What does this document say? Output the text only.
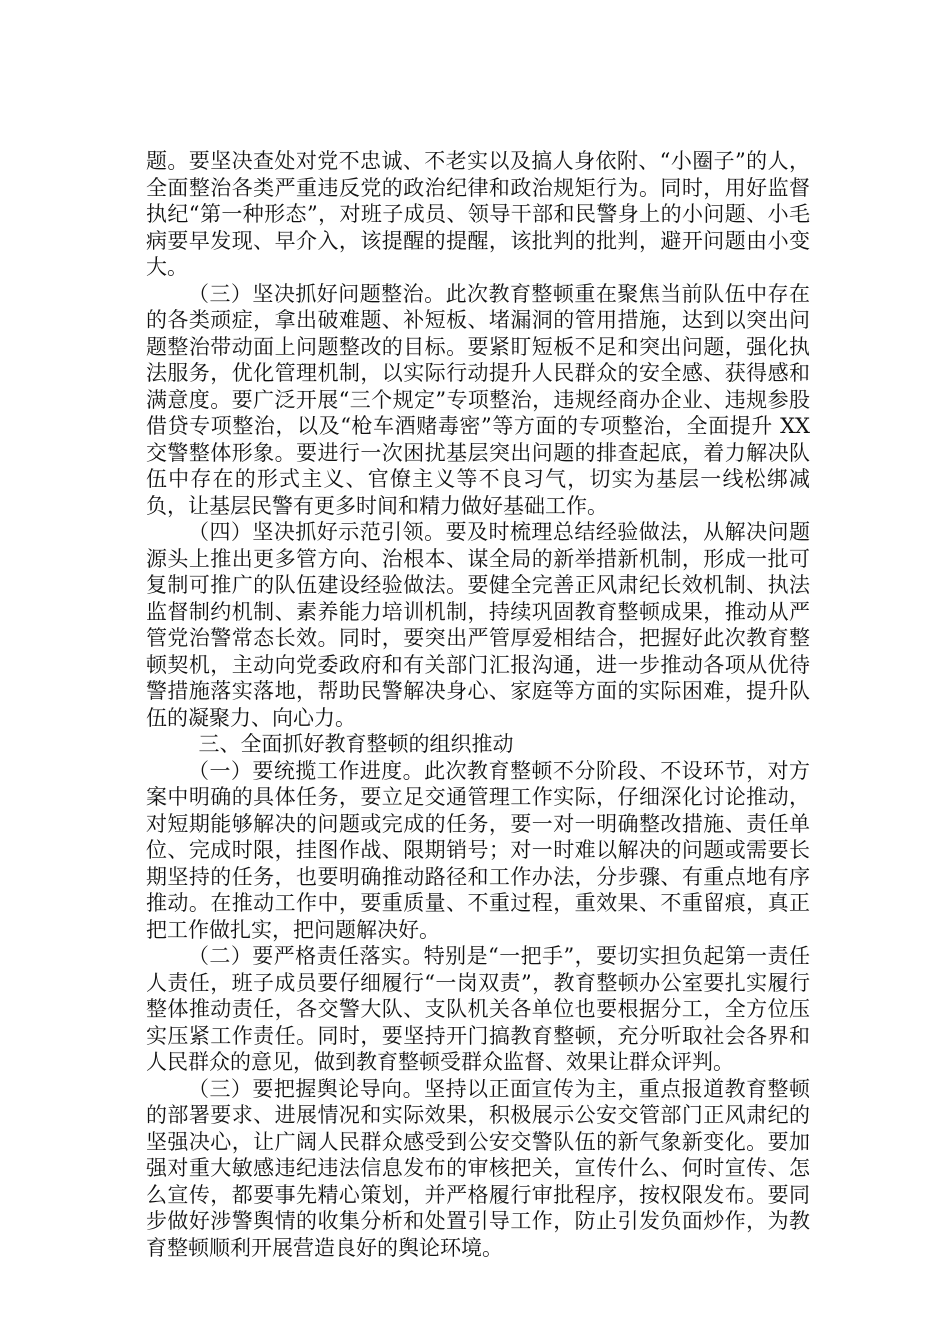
题。要坚决查处对党不忠诚、不老实以及搞人身依附、“小圈子”的人，全面整治各类严重违反党的政治纪律和政治规矩行为。同时，用好监督执纪“第一种形态”，对班子成员、领导干部和民警身上的小问题、小毛病要早发现、早介入，该提醒的提醒，该批判的批判，避开问题由小变大。

（三）坚决抓好问题整治。此次教育整顿重在聚焦当前队伍中存在的各类顽症，拿出破难题、补短板、堵漏洞的管用措施，达到以突出问题整治带动面上问题整改的目标。要紧盯短板不足和突出问题，强化执法服务，优化管理机制，以实际行动提升人民群众的安全感、获得感和满意度。要广泛开展“三个规定”专项整治，违规经商办企业、违规参股借贷专项整治，以及“枪车酒赌毒密”等方面的专项整治，全面提升 XX 交警整体形象。要进行一次困扰基层突出问题的排查起底，着力解决队伍中存在的形式主义、官僚主义等不良习气，切实为基层一线松绑减负，让基层民警有更多时间和精力做好基础工作。

（四）坚决抓好示范引领。要及时梳理总结经验做法，从解决问题源头上推出更多管方向、治根本、谋全局的新举措新机制，形成一批可复制可推广的队伍建设经验做法。要健全完善正风肃纪长效机制、执法监督制约机制、素养能力培训机制，持续巩固教育整顿成果，推动从严管党治警常态长效。同时，要突出严管厚爱相结合，把握好此次教育整顿契机，主动向党委政府和有关部门汇报沟通，进一步推动各项从优待警措施落实落地，帮助民警解决身心、家庭等方面的实际困难，提升队伍的凝聚力、向心力。

三、全面抓好教育整顿的组织推动

（一）要统揽工作进度。此次教育整顿不分阶段、不设环节，对方案中明确的具体任务，要立足交通管理工作实际，仔细深化讨论推动，对短期能够解决的问题或完成的任务，要一对一明确整改措施、责任单位、完成时限，挂图作战、限期销号；对一时难以解决的问题或需要长期坚持的任务，也要明确推动路径和工作办法，分步骤、有重点地有序推动。在推动工作中，要重质量、不重过程，重效果、不重留痕，真正把工作做扎实，把问题解决好。

（二）要严格责任落实。特别是“一把手”，要切实担负起第一责任人责任，班子成员要仔细履行“一岗双责”，教育整顿办公室要扎实履行整体推动责任，各交警大队、支队机关各单位也要根据分工，全方位压实压紧工作责任。同时，要坚持开门搞教育整顿，充分听取社会各界和人民群众的意见，做到教育整顿受群众监督、效果让群众评判。

（三）要把握舆论导向。坚持以正面宣传为主，重点报道教育整顿的部署要求、进展情况和实际效果，积极展示公安交管部门正风肃纪的坚强决心，让广阔人民群众感受到公安交警队伍的新气象新变化。要加强对重大敏感违纪违法信息发布的审核把关，宣传什么、何时宣传、怎么宣传，都要事先精心策划，并严格履行审批程序，按权限发布。要同步做好涉警舆情的收集分析和处置引导工作，防止引发负面炒作，为教育整顿顺利开展营造良好的舆论环境。
